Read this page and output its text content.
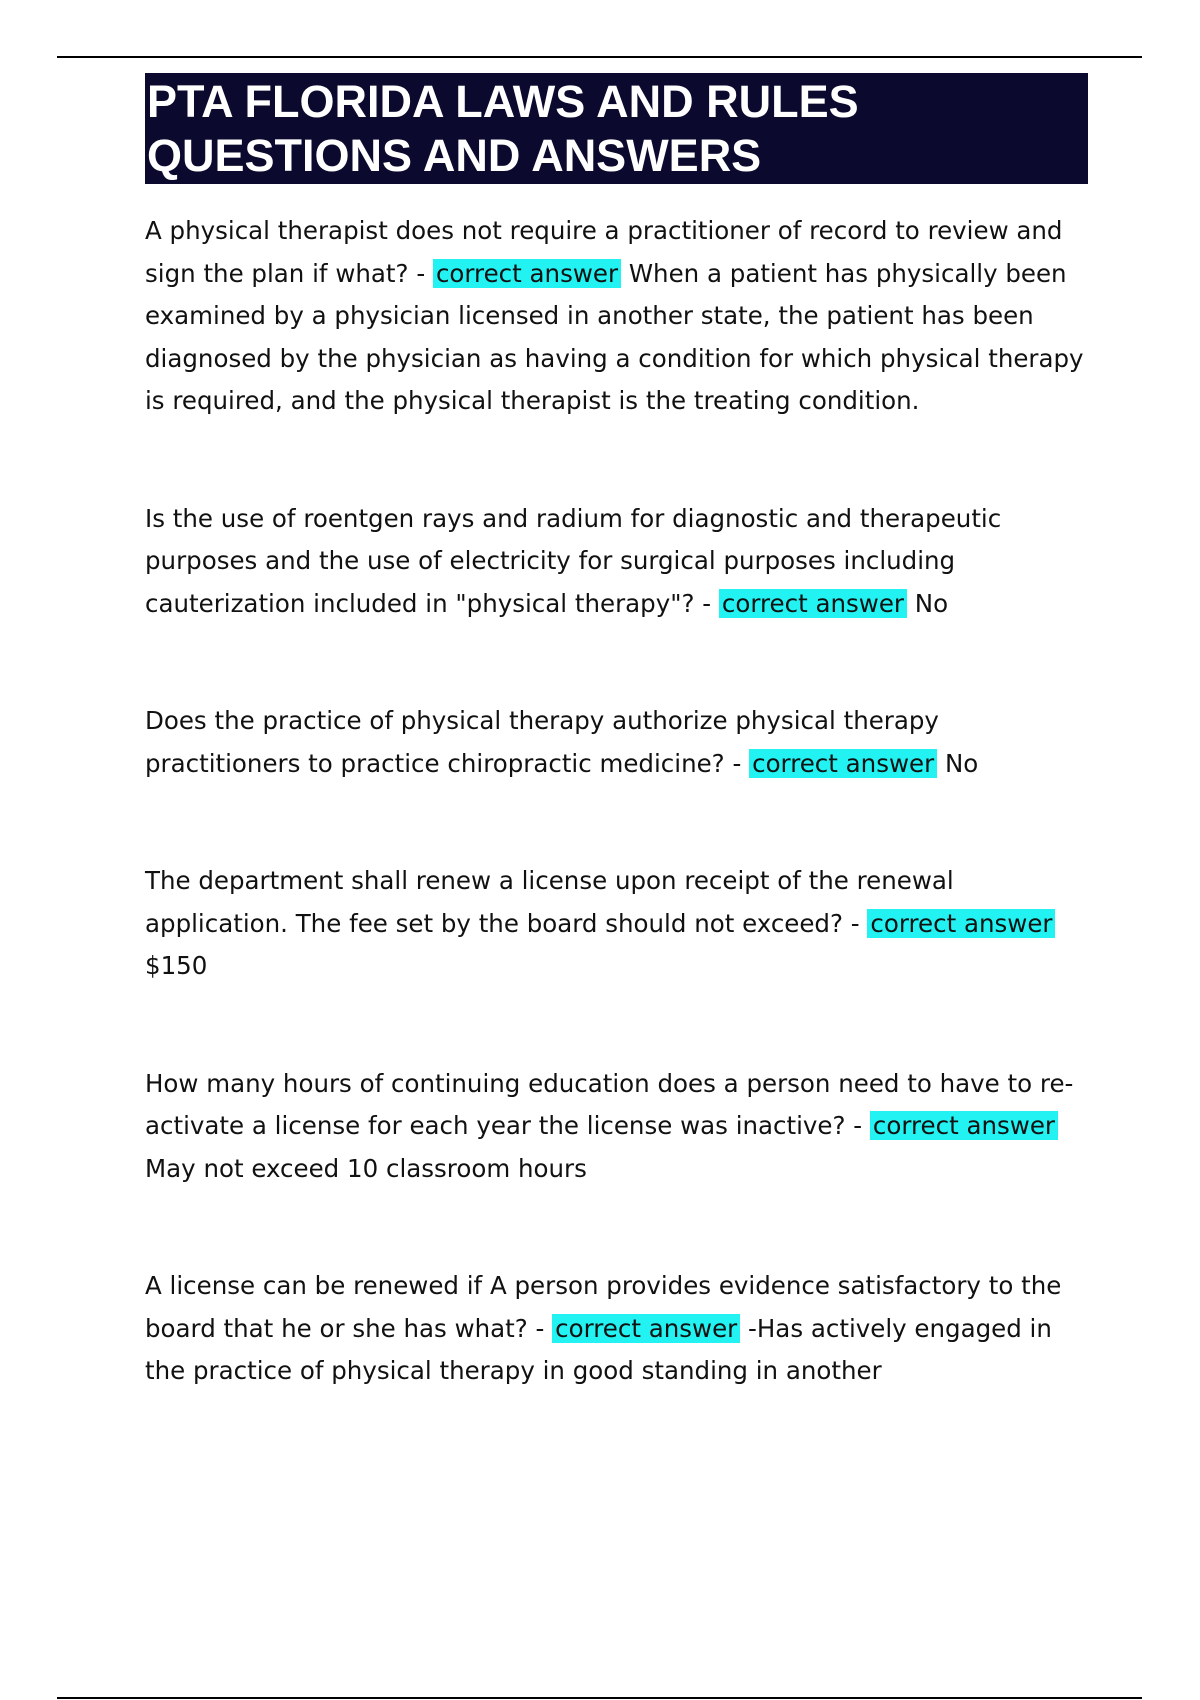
PTA FLORIDA LAWS AND RULES
QUESTIONS AND ANSWERS

A physical therapist does not require a practitioner of record to review and sign the plan if what? - correct answer When a patient has physically been examined by a physician licensed in another state, the patient has been diagnosed by the physician as having a condition for which physical therapy is required, and the physical therapist is the treating condition.

Is the use of roentgen rays and radium for diagnostic and therapeutic purposes and the use of electricity for surgical purposes including cauterization included in "physical therapy"? - correct answer No

Does the practice of physical therapy authorize physical therapy practitioners to practice chiropractic medicine? - correct answer No

The department shall renew a license upon receipt of the renewal application. The fee set by the board should not exceed? - correct answer $150

How many hours of continuing education does a person need to have to re-activate a license for each year the license was inactive? - correct answer May not exceed 10 classroom hours

A license can be renewed if A person provides evidence satisfactory to the board that he or she has what? - correct answer -Has actively engaged in the practice of physical therapy in good standing in another
